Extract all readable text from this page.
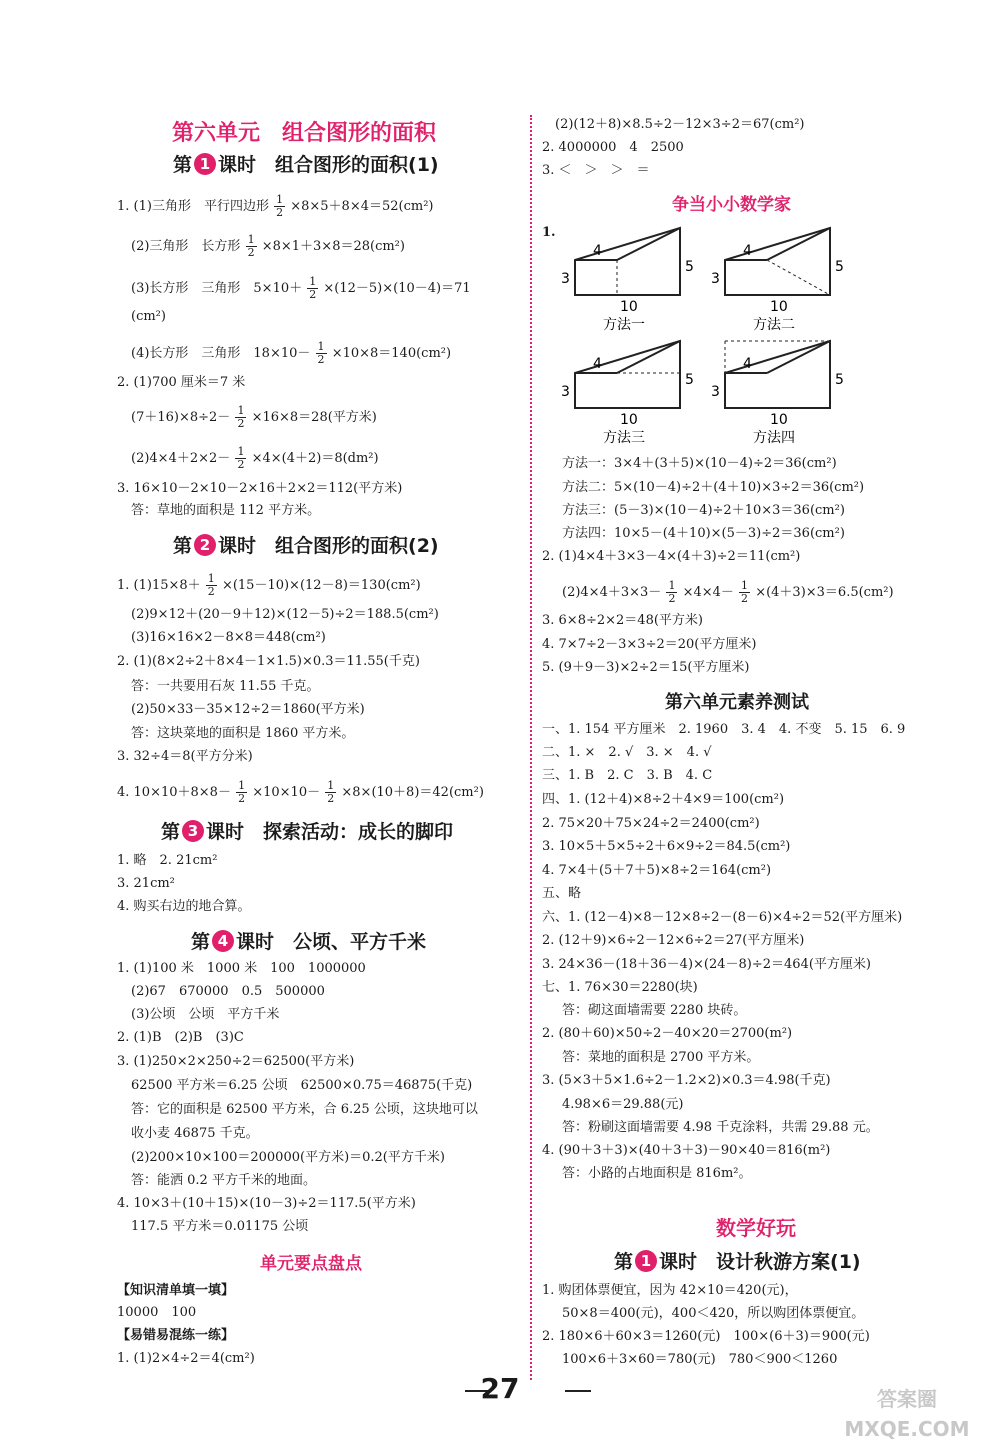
第六单元　组合图形的面积
第 1 课时　组合图形的面积(1)
1. (1)三角形　平行四边形 $\frac{1}{2} \times 8\times 5+8\times 4=52(cm^2)$
(2)三角形　长方形 $\frac{1}{2} \times 8\times 1+3\times 8=28(cm^2)$
(3)长方形　三角形　$5\times 10+ \frac{1}{2} \times(12-5)\times(10-4)=71$
(cm²)
(4)长方形　三角形　$18\times 10- \frac{1}{2} \times 10\times 8=140(cm^2)$
2. (1)700 厘米＝7 米
$(7+16)\times 8\div 2- \frac{1}{2} \times 16\times 8=28$(平方米)
$(2)4\times 4+2\times 2- \frac{1}{2} \times 4\times(4+2)=8(dm^2)$
3. 16×10－2×10－2×16＋2×2＝112(平方米)
答：草地的面积是 112 平方米。
第 2 课时　组合图形的面积(2)
1. $(1)15\times 8+ \frac{1}{2} \times(15-10)\times(12-8)=130(cm^2)$
(2)9×12＋(20－9＋12)×(12－5)÷2＝188.5(cm²)
(3)16×16×2－8×8＝448(cm²)
2. (1)(8×2÷2＋8×4－1×1.5)×0.3＝11.55(千克)
答：一共要用石灰 11.55 千克。
(2)50×33－35×12÷2＝1860(平方米)
答：这块菜地的面积是 1860 平方米。
3. 32÷4＝8(平方分米)
4. $10\times 10+8\times 8- \frac{1}{2} \times 10\times 10- \frac{1}{2} \times 8\times(10+8)=42(cm^2)$
第 3 课时　探索活动：成长的脚印
1. 略　2. 21cm²
3. 21cm²
4. 购买右边的地合算。
第 4 课时　公顷、平方千米
1. (1)100 米　1000 米　100　1000000
(2)67　670000　0.5　500000
(3)公顷　公顷　平方千米
2. (1)B　(2)B　(3)C
3. (1)250×2×250÷2＝62500(平方米)
62500 平方米＝6.25 公顷　62500×0.75＝46875(千克)
答：它的面积是 62500 平方米，合 6.25 公顷，这块地可以
收小麦 46875 千克。
(2)200×10×100＝200000(平方米)＝0.2(平方千米)
答：能洒 0.2 平方千米的地面。
4. 10×3＋(10＋15)×(10－3)÷2＝117.5(平方米)
117.5 平方米＝0.01175 公顷
单元要点盘点
【知识清单填一填】
10000　100
【易错易混练一练】
1. (1)2×4÷2＝4(cm²)
(2)(12＋8)×8.5÷2－12×3÷2＝67(cm²)
2. 4000000　4　2500
3. ＜　＞　＞　＝
争当小小数学家
1.
4
3
5
10
方法一
4
3
5
10
方法二
4
3
5
10
方法三
4
3
5
10
方法四
方法一：3×4＋(3＋5)×(10－4)÷2＝36(cm²)
方法二：5×(10－4)÷2＋(4＋10)×3÷2＝36(cm²)
方法三：(5－3)×(10－4)÷2＋10×3＝36(cm²)
方法四：10×5－(4＋10)×(5－3)÷2＝36(cm²)
2. (1)4×4＋3×3－4×(4＋3)÷2＝11(cm²)
$(2)4\times 4+3\times 3- \frac{1}{2} \times 4\times 4- \frac{1}{2} \times(4+3)\times 3=6.5(cm^2)$
3. 6×8÷2×2＝48(平方米)
4. 7×7÷2－3×3÷2＝20(平方厘米)
5. (9＋9－3)×2÷2＝15(平方厘米)
第六单元素养测试
一、1. 154 平方厘米　2. 1960　3. 4　4. 不变　5. 15　6. 9
二、1. ×　2. √　3. ×　4. √
三、1. B　2. C　3. B　4. C
四、1. (12＋4)×8÷2＋4×9＝100(cm²)
2. 75×20＋75×24÷2＝2400(cm²)
3. 10×5＋5×5÷2＋6×9÷2＝84.5(cm²)
4. 7×4＋(5＋7＋5)×8÷2＝164(cm²)
五、略
六、1. (12－4)×8－12×8÷2－(8－6)×4÷2＝52(平方厘米)
2. (12＋9)×6÷2－12×6÷2＝27(平方厘米)
3. 24×36－(18＋36－4)×(24－8)÷2＝464(平方厘米)
七、1. 76×30＝2280(块)
答：砌这面墙需要 2280 块砖。
2. (80＋60)×50÷2－40×20＝2700(m²)
答：菜地的面积是 2700 平方米。
3. (5×3＋5×1.6÷2－1.2×2)×0.3＝4.98(千克)
4.98×6＝29.88(元)
答：粉刷这面墙需要 4.98 千克涂料，共需 29.88 元。
4. (90＋3＋3)×(40＋3＋3)－90×40＝816(m²)
答：小路的占地面积是 816m²。
数学好玩
第 1 课时　设计秋游方案(1)
1. 购团体票便宜，因为 42×10＝420(元)，
50×8＝400(元)，400＜420，所以购团体票便宜。
2. 180×6＋60×3＝1260(元)　100×(6＋3)＝900(元)
100×6＋3×60＝780(元)　780＜900＜1260
27	答案圈 MXQE.COM
